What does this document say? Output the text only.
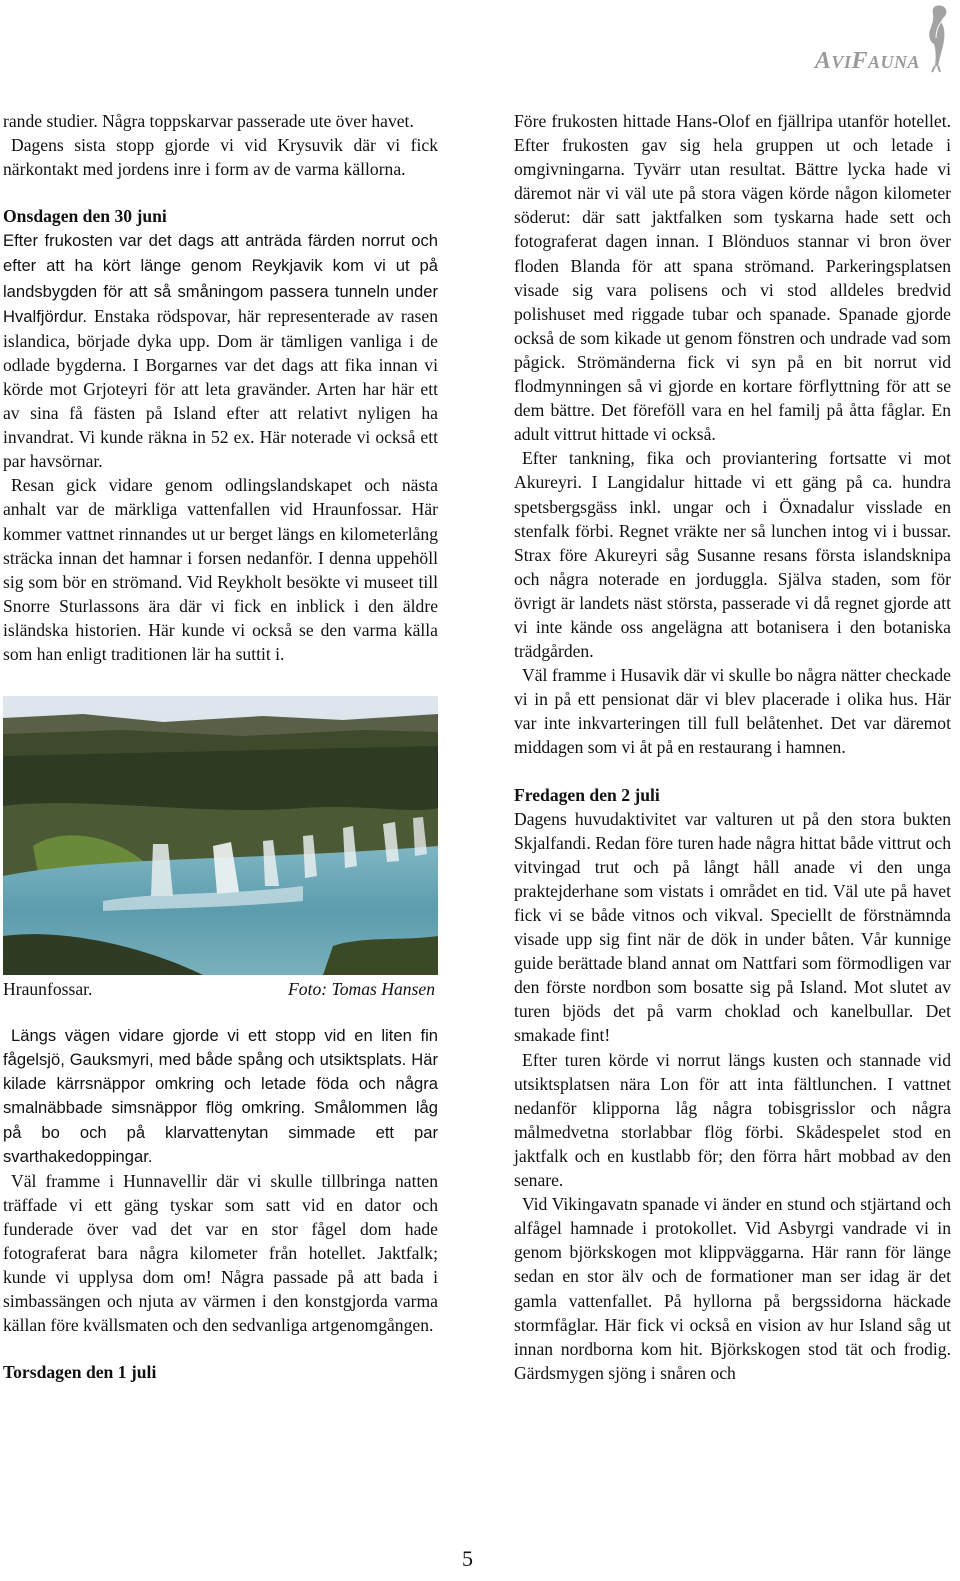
AVIFAUNA

rande studier. Några toppskarvar passerade ute över havet.

Dagens sista stopp gjorde vi vid Krysuvik där vi fick närkontakt med jordens inre i form av de varma källorna.

Onsdagen den 30 juni

Efter frukosten var det dags att anträda färden norrut och efter att ha kört länge genom Reykjavik kom vi ut på landsbygden för att så småningom passera tunneln under Hvalfjördur. Enstaka rödspovar, här representerade av rasen islandica, började dyka upp. Dom är tämligen vanliga i de odlade bygderna. I Borgarnes var det dags att fika innan vi körde mot Grjoteyri för att leta gravänder. Arten har här ett av sina få fästen på Island efter att relativt nyligen ha invandrat. Vi kunde räkna in 52 ex. Här noterade vi också ett par havsörnar.

Resan gick vidare genom odlingslandskapet och nästa anhalt var de märkliga vattenfallen vid Hraunfossar. Här kommer vattnet rinnandes ut ur berget längs en kilometerlång sträcka innan det hamnar i forsen nedanför. I denna uppehöll sig som bör en strömand. Vid Reykholt besökte vi museet till Snorre Sturlassons ära där vi fick en inblick i den äldre isländska historien. Här kunde vi också se den varma källa som han enligt traditionen lär ha suttit i.

Hraunfossar.	Foto: Tomas Hansen

Längs vägen vidare gjorde vi ett stopp vid en liten fin fågelsjö, Gauksmyri, med både spång och utsiktsplats. Här kilade kärrsnäppor omkring och letade föda och några smalnäbbade simsnäppor flög omkring. Smålommen låg på bo och på klarvattenytan simmade ett par svarthakedoppingar.

Väl framme i Hunnavellir där vi skulle tillbringa natten träffade vi ett gäng tyskar som satt vid en dator och funderade över vad det var en stor fågel dom hade fotograferat bara några kilometer från hotellet. Jaktfalk; kunde vi upplysa dom om! Några passade på att bada i simbassängen och njuta av värmen i den konstgjorda varma källan före kvällsmaten och den sedvanliga artgenomgången.

Torsdagen den 1 juli

Före frukosten hittade Hans-Olof en fjällripa utanför hotellet. Efter frukosten gav sig hela gruppen ut och letade i omgivningarna. Tyvärr utan resultat. Bättre lycka hade vi däremot när vi väl ute på stora vägen körde någon kilometer söderut: där satt jaktfalken som tyskarna hade sett och fotograferat dagen innan. I Blönduos stannar vi bron över floden Blanda för att spana strömand. Parkeringsplatsen visade sig vara polisens och vi stod alldeles bredvid polishuset med riggade tubar och spanade. Spanade gjorde också de som kikade ut genom fönstren och undrade vad som pågick. Strömänderna fick vi syn på en bit norrut vid flodmynningen så vi gjorde en kortare förflyttning för att se dem bättre. Det föreföll vara en hel familj på åtta fåglar. En adult vittrut hittade vi också.

Efter tankning, fika och proviantering fortsatte vi mot Akureyri. I Langidalur hittade vi ett gäng på ca. hundra spetsbergsgäss inkl. ungar och i Öxnadalur visslade en stenfalk förbi. Regnet vräkte ner så lunchen intog vi i bussar. Strax före Akureyri såg Susanne resans första islandsknipa och några noterade en jorduggla. Själva staden, som för övrigt är landets näst största, passerade vi då regnet gjorde att vi inte kände oss angelägna att botanisera i den botaniska trädgården.

Väl framme i Husavik där vi skulle bo några nätter checkade vi in på ett pensionat där vi blev placerade i olika hus. Här var inte inkvarteringen till full belåtenhet. Det var däremot middagen som vi åt på en restaurang i hamnen.

Fredagen den 2 juli

Dagens huvudaktivitet var valturen ut på den stora bukten Skjalfandi. Redan före turen hade några hittat både vittrut och vitvingad trut och på långt håll anade vi den unga praktejderhane som vistats i området en tid. Väl ute på havet fick vi se både vitnos och vikval. Speciellt de förstnämnda visade upp sig fint när de dök in under båten. Vår kunnige guide berättade bland annat om Nattfari som förmodligen var den förste nordbon som bosatte sig på Island. Mot slutet av turen bjöds det på varm choklad och kanelbullar. Det smakade fint!

Efter turen körde vi norrut längs kusten och stannade vid utsiktsplatsen nära Lon för att inta fältlunchen. I vattnet nedanför klipporna låg några tobisgrisslor och några målmedvetna storlabbar flög förbi. Skådespelet stod en jaktfalk och en kustlabb för; den förra hårt mobbad av den senare.

Vid Vikingavatn spanade vi änder en stund och stjärtand och alfågel hamnade i protokollet. Vid Asbyrgi vandrade vi in genom björkskogen mot klippväggarna. Här rann för länge sedan en stor älv och de formationer man ser idag är det gamla vattenfallet. På hyllorna på bergssidorna häckade stormfåglar. Här fick vi också en vision av hur Island såg ut innan nordborna kom hit. Björkskogen stod tät och frodig. Gärdsmygen sjöng i snåren och

5
